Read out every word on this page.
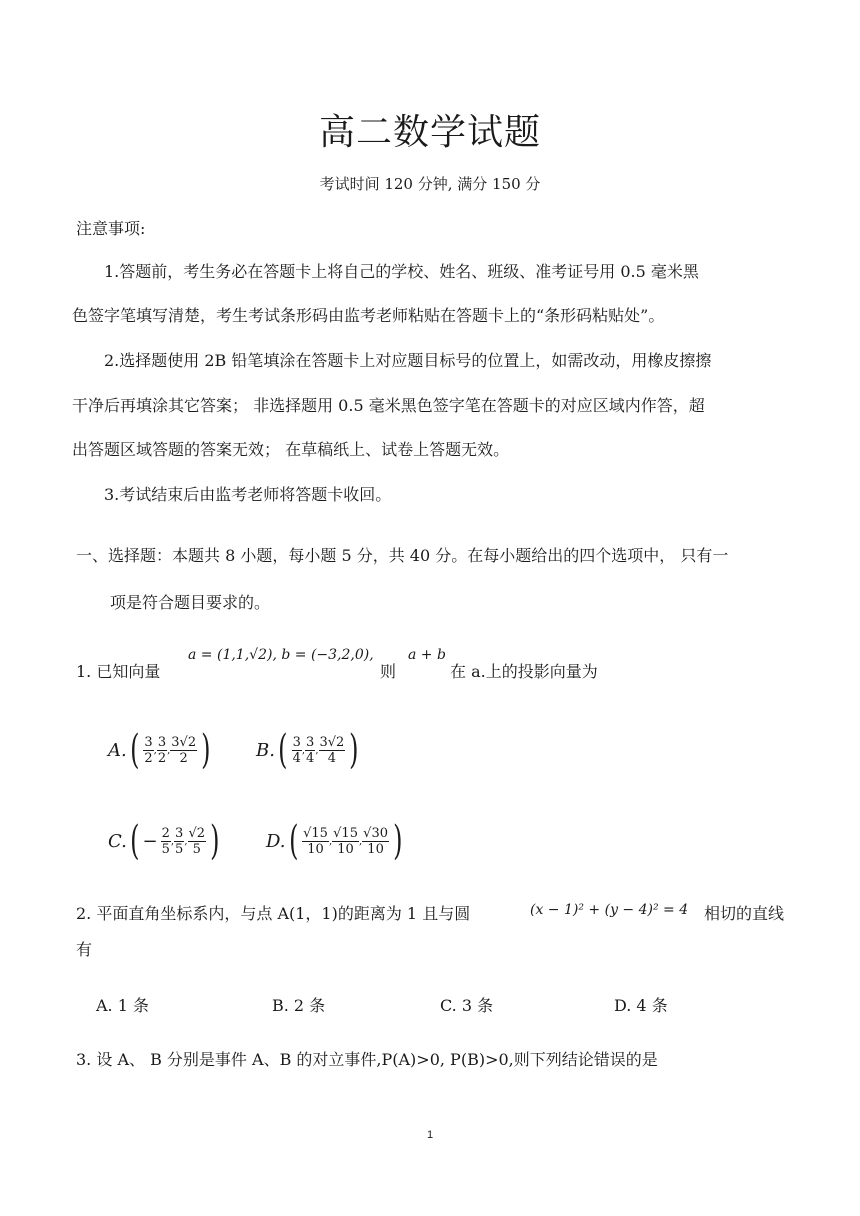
高二数学试题
考试时间 120 分钟, 满分 150 分
注意事项:
1.答题前，考生务必在答题卡上将自己的学校、姓名、班级、准考证号用 0.5 毫米黑
色签字笔填写清楚，考生考试条形码由监考老师粘贴在答题卡上的“条形码粘贴处”。
2.选择题使用 2B 铅笔填涂在答题卡上对应题目标号的位置上，如需改动，用橡皮擦擦
干净后再填涂其它答案； 非选择题用 0.5 毫米黑色签字笔在答题卡的对应区域内作答，超
出答题区域答题的答案无效； 在草稿纸上、试卷上答题无效。
3.考试结束后由监考老师将答题卡收回。
一、选择题：本题共 8 小题，每小题 5 分，共 40 分。在每小题给出的四个选项中， 只有一
项是符合题目要求的。
1. 已知向量
a = (1,1,√2), b = (−3,2,0),
则
a + b
在 a.上的投影向量为
A. ( $\frac{3}{2}$ , $\frac{3}{2}$ , $\frac{3√2}{2}$ )	B. ( $\frac{3}{4}$ , $\frac{3}{4}$ , $\frac{3√2}{4}$ )
C. ( − $\frac{2}{5}$ , $\frac{3}{5}$ , $\frac{√2}{5}$ )	D. ( $\frac{√15}{10}$ , $\frac{√15}{10}$ , $\frac{√30}{10}$ )
2. 平面直角坐标系内，与点 A(1，1)的距离为 1 且与圆	(x − 1)² + (y − 4)² = 4 相切的直线
有
A. 1 条	B. 2 条	C. 3 条	D. 4 条
3. 设 A、 B 分别是事件 A、B 的对立事件,P(A)>0, P(B)>0,则下列结论错误的是
1
